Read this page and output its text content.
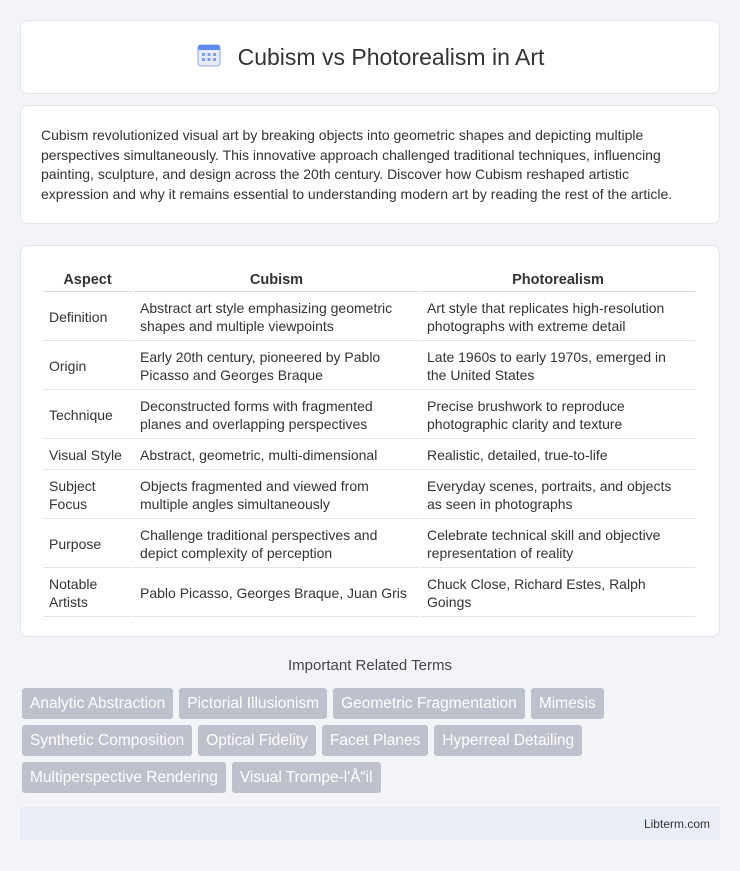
Cubism vs Photorealism in Art

Cubism revolutionized visual art by breaking objects into geometric shapes and depicting multiple perspectives simultaneously. This innovative approach challenged traditional techniques, influencing painting, sculpture, and design across the 20th century. Discover how Cubism reshaped artistic expression and why it remains essential to understanding modern art by reading the rest of the article.

Aspect	Cubism	Photorealism
Definition	Abstract art style emphasizing geometric shapes and multiple viewpoints	Art style that replicates high-resolution photographs with extreme detail
Origin	Early 20th century, pioneered by Pablo Picasso and Georges Braque	Late 1960s to early 1970s, emerged in the United States
Technique	Deconstructed forms with fragmented planes and overlapping perspectives	Precise brushwork to reproduce photographic clarity and texture
Visual Style	Abstract, geometric, multi-dimensional	Realistic, detailed, true-to-life
Subject Focus	Objects fragmented and viewed from multiple angles simultaneously	Everyday scenes, portraits, and objects as seen in photographs
Purpose	Challenge traditional perspectives and depict complexity of perception	Celebrate technical skill and objective representation of reality
Notable Artists	Pablo Picasso, Georges Braque, Juan Gris	Chuck Close, Richard Estes, Ralph Goings
Important Related Terms
Analytic Abstraction	Pictorial Illusionism	Geometric Fragmentation	Mimesis
Synthetic Composition	Optical Fidelity	Facet Planes	Hyperreal Detailing
Multiperspective Rendering	Visual Trompe-l'Å“il
Libterm.com
